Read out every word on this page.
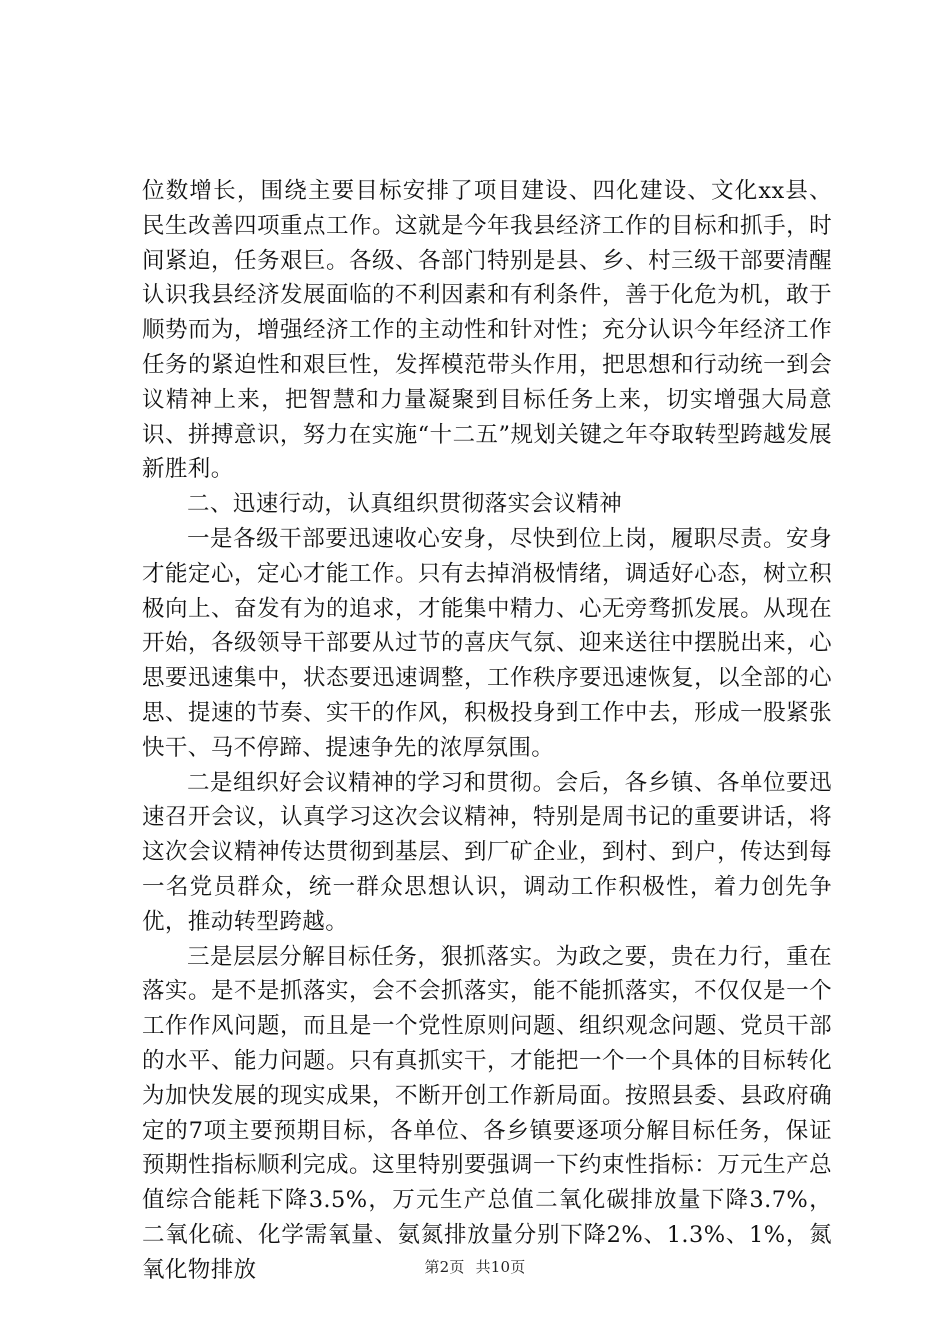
位数增长，围绕主要目标安排了项目建设、四化建设、文化xx县、民生改善四项重点工作。这就是今年我县经济工作的目标和抓手，时间紧迫，任务艰巨。各级、各部门特别是县、乡、村三级干部要清醒认识我县经济发展面临的不利因素和有利条件，善于化危为机，敢于顺势而为，增强经济工作的主动性和针对性；充分认识今年经济工作任务的紧迫性和艰巨性，发挥模范带头作用，把思想和行动统一到会议精神上来，把智慧和力量凝聚到目标任务上来，切实增强大局意识、拼搏意识，努力在实施“十二五”规划关键之年夺取转型跨越发展新胜利。

二、迅速行动，认真组织贯彻落实会议精神

一是各级干部要迅速收心安身，尽快到位上岗，履职尽责。安身才能定心，定心才能工作。只有去掉消极情绪，调适好心态，树立积极向上、奋发有为的追求，才能集中精力、心无旁骛抓发展。从现在开始，各级领导干部要从过节的喜庆气氛、迎来送往中摆脱出来，心思要迅速集中，状态要迅速调整，工作秩序要迅速恢复，以全部的心思、提速的节奏、实干的作风，积极投身到工作中去，形成一股紧张快干、马不停蹄、提速争先的浓厚氛围。

二是组织好会议精神的学习和贯彻。会后，各乡镇、各单位要迅速召开会议，认真学习这次会议精神，特别是周书记的重要讲话，将这次会议精神传达贯彻到基层、到厂矿企业，到村、到户，传达到每一名党员群众，统一群众思想认识，调动工作积极性，着力创先争优，推动转型跨越。

三是层层分解目标任务，狠抓落实。为政之要，贵在力行，重在落实。是不是抓落实，会不会抓落实，能不能抓落实，不仅仅是一个工作作风问题，而且是一个党性原则问题、组织观念问题、党员干部的水平、能力问题。只有真抓实干，才能把一个一个具体的目标转化为加快发展的现实成果，不断开创工作新局面。按照县委、县政府确定的7项主要预期目标，各单位、各乡镇要逐项分解目标任务，保证预期性指标顺利完成。这里特别要强调一下约束性指标：万元生产总值综合能耗下降3.5%，万元生产总值二氧化碳排放量下降3.7%，二氧化硫、化学需氧量、氨氮排放量分别下降2%、1.3%、1%，氮氧化物排放	第2页 共10页
